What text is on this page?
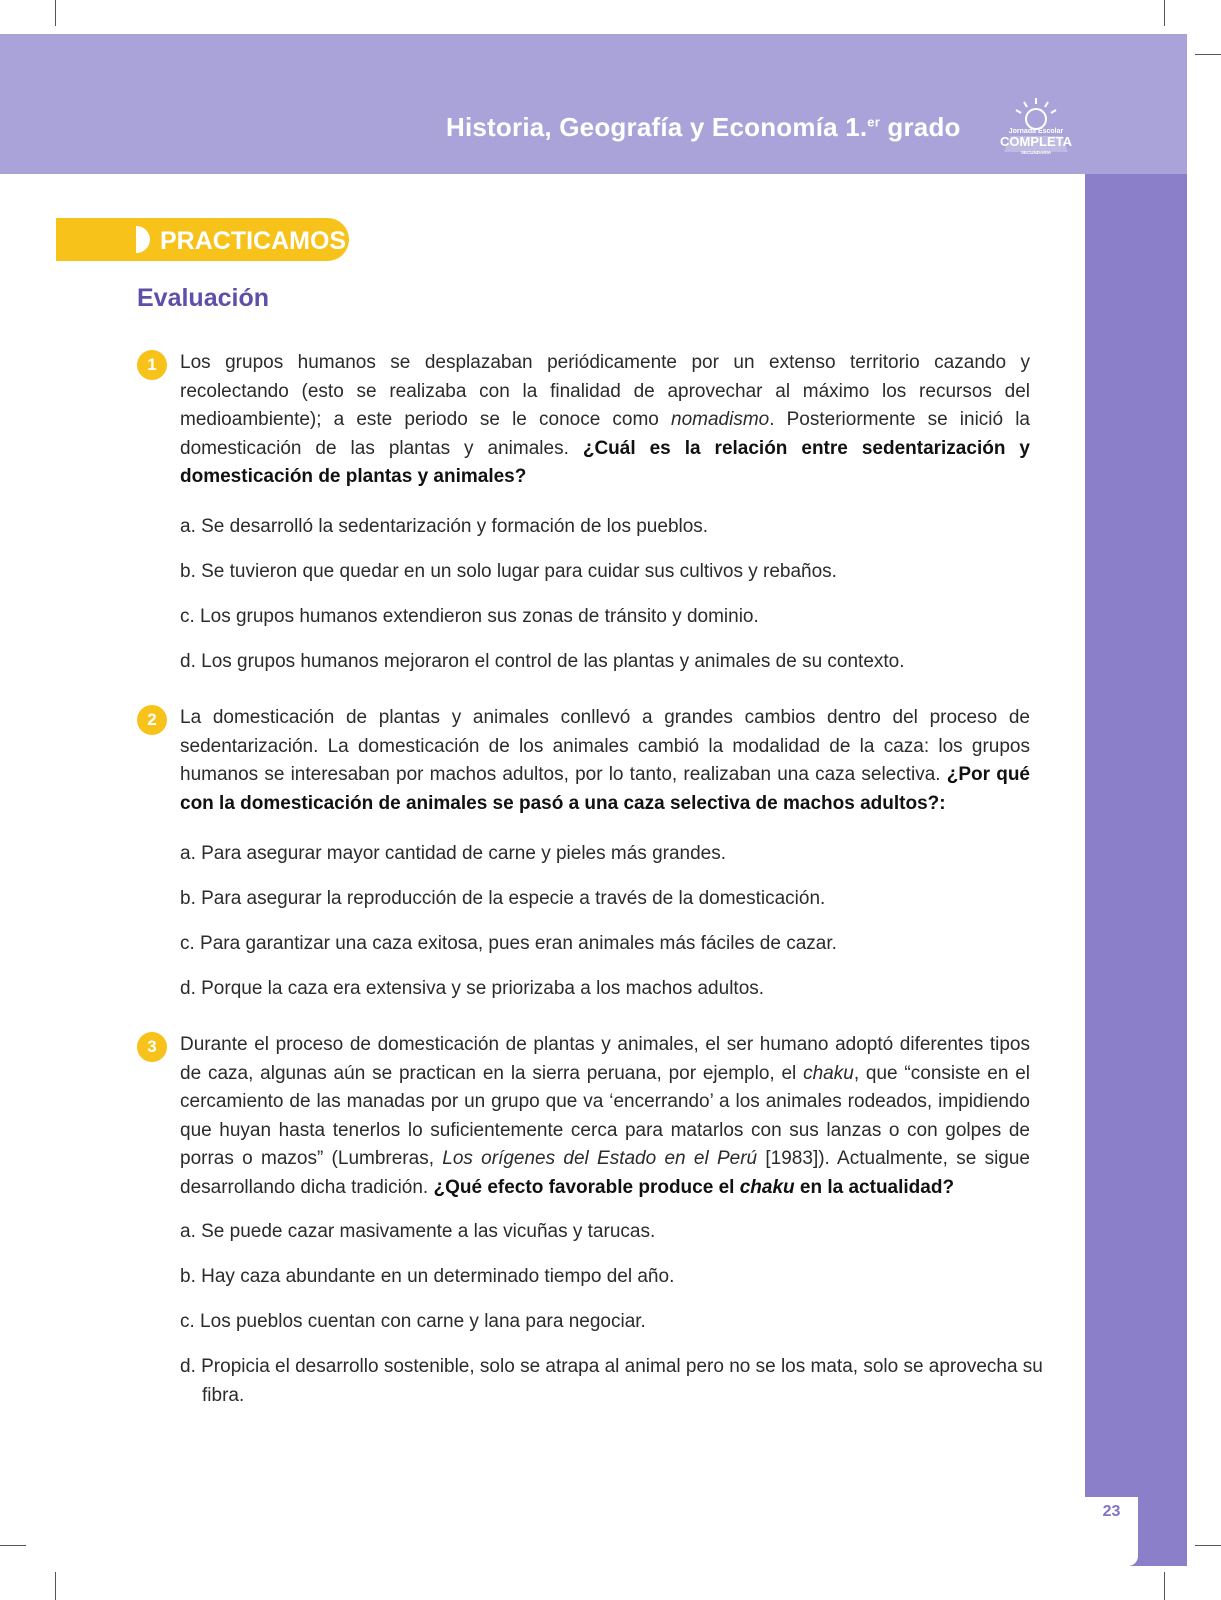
Historia, Geografía y Economía 1.$^{er}$ grado	Jornada Escolar
COMPLETA
SECUNDARIA
23
PRACTICAMOS
Evaluación
1	Los grupos humanos se desplazaban periódicamente por un extenso territorio cazando y recolectando (esto se realizaba con la finalidad de aprovechar al máximo los recursos del medioambiente); a este periodo se le conoce como nomadismo. Posteriormente se inició la domesticación de las plantas y animales. ¿Cuál es la relación entre sedentarización y domesticación de plantas y animales?
a. Se desarrolló la sedentarización y formación de los pueblos.
b. Se tuvieron que quedar en un solo lugar para cuidar sus cultivos y rebaños.
c. Los grupos humanos extendieron sus zonas de tránsito y dominio.
d. Los grupos humanos mejoraron el control de las plantas y animales de su contexto.
2	La domesticación de plantas y animales conllevó a grandes cambios dentro del proceso de sedentarización. La domesticación de los animales cambió la modalidad de la caza: los grupos humanos se interesaban por machos adultos, por lo tanto, realizaban una caza selectiva. ¿Por qué con la domesticación de animales se pasó a una caza selectiva de machos adultos?:
a. Para asegurar mayor cantidad de carne y pieles más grandes.
b. Para asegurar la reproducción de la especie a través de la domesticación.
c. Para garantizar una caza exitosa, pues eran animales más fáciles de cazar.
d. Porque la caza era extensiva y se priorizaba a los machos adultos.
3	Durante el proceso de domesticación de plantas y animales, el ser humano adoptó diferentes tipos de caza, algunas aún se practican en la sierra peruana, por ejemplo, el chaku, que “consiste en el cercamiento de las manadas por un grupo que va ‘encerrando’ a los animales rodeados, impidiendo que huyan hasta tenerlos lo suficientemente cerca para matarlos con sus lanzas o con golpes de porras o mazos” (Lumbreras, Los orígenes del Estado en el Perú [1983]). Actualmente, se sigue desarrollando dicha tradición. ¿Qué efecto favorable produce el chaku en la actualidad?
a. Se puede cazar masivamente a las vicuñas y tarucas.
b. Hay caza abundante en un determinado tiempo del año.
c. Los pueblos cuentan con carne y lana para negociar.
d. Propicia el desarrollo sostenible, solo se atrapa al animal pero no se los mata, solo se aprovecha su fibra.
